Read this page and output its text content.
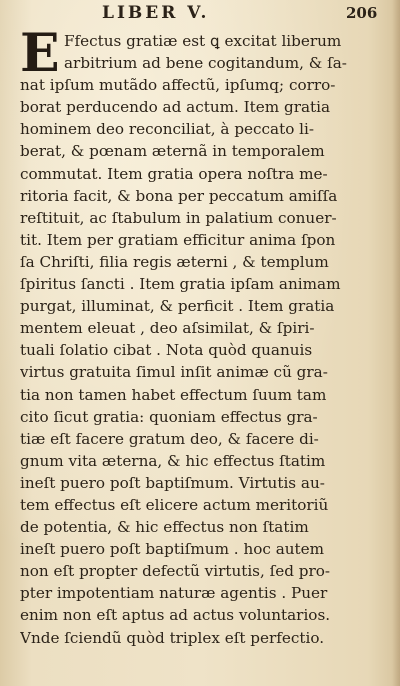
LIBER V.	206
E Ffectus gratiæ est ꝗ excitat liberum
arbitrium ad bene cogitandum, & ſa-
nat ipſum mutãdo affectũ, ipſumq; corro-
borat perducendo ad actum. Item gratia
hominem deo reconciliat, à peccato li-
berat, & pœnam æternã in temporalem
commutat. Item gratia opera noſtra me-
ritoria facit, & bona per peccatum amiſſa
reſtituit, ac ſtabulum in palatium conuer-
tit. Item per gratiam efficitur anima ſpon
ſa Chriſti, filia regis æterni , & templum
ſpiritus ſancti . Item gratia ipſam animam
purgat, illuminat, & perficit . Item gratia
mentem eleuat , deo aſsimilat, & ſpiri-
tuali ſolatio cibat . Nota quòd quanuis
virtus gratuita ſimul inſit animæ cũ gra-
tia non tamen habet effectum ſuum tam
cito ſicut gratia: quoniam effectus gra-
tiæ eſt facere gratum deo, & facere di-
gnum vita æterna, & hic effectus ſtatim
ineſt puero poſt baptiſmum. Virtutis au-
tem effectus eſt elicere actum meritoriũ
de potentia, & hic effectus non ſtatim
ineſt puero poſt baptiſmum . hoc autem
non eſt propter defectũ virtutis, ſed pro-
pter impotentiam naturæ agentis . Puer
enim non eſt aptus ad actus voluntarios.
Vnde ſciendũ quòd triplex eſt perfectio.
